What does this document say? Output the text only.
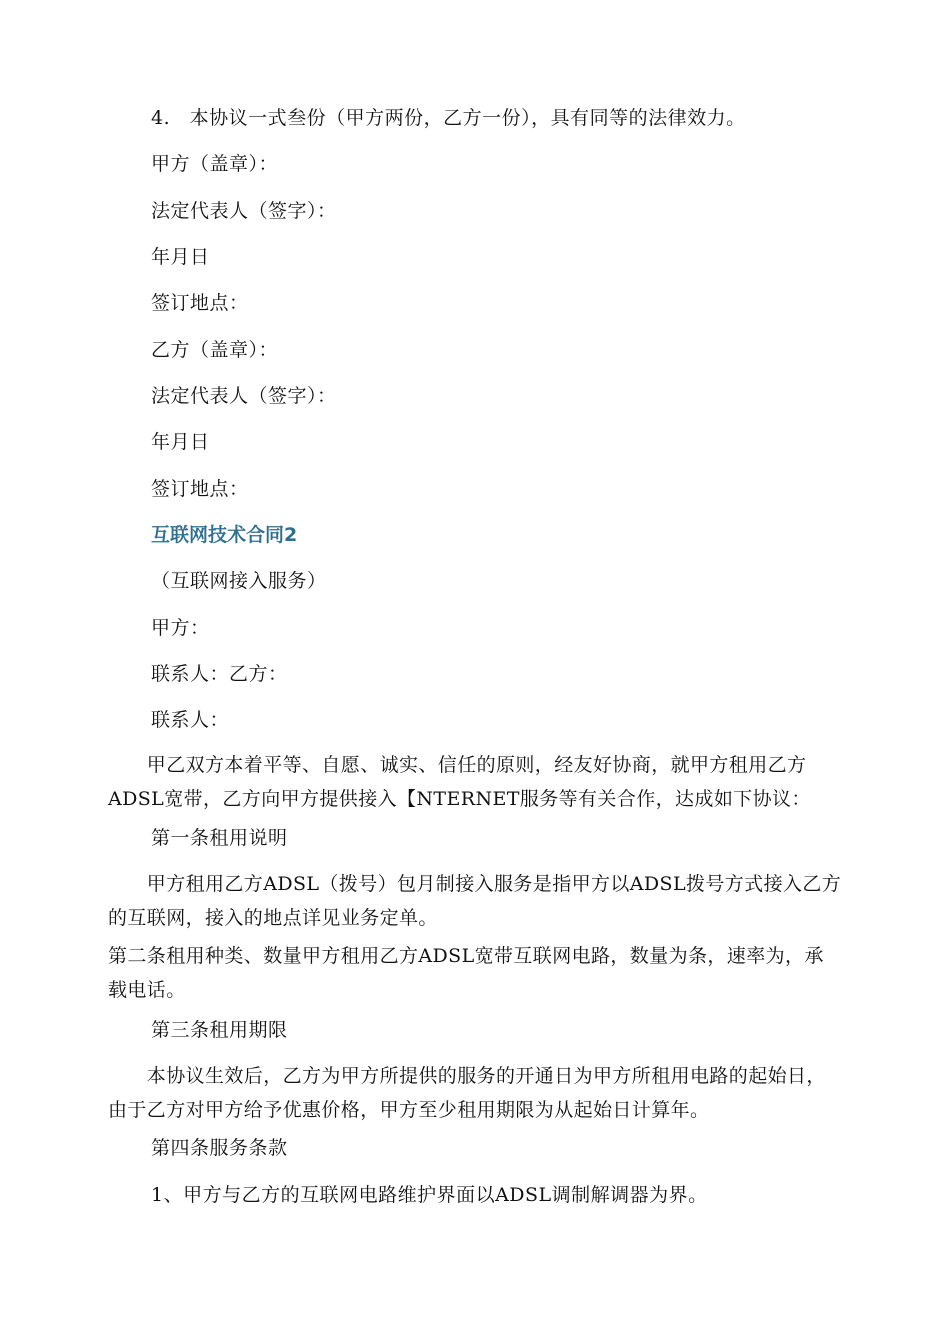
4.　本协议一式叁份（甲方两份，乙方一份），具有同等的法律效力。
甲方（盖章）：
法定代表人（签字）：
年月日
签订地点：
乙方（盖章）：
法定代表人（签字）：
年月日
签订地点：
互联网技术合同2
（互联网接入服务）
甲方：
联系人：乙方：
联系人：
　　甲乙双方本着平等、自愿、诚实、信任的原则，经友好协商，就甲方租用乙方ADSL宽带，乙方向甲方提供接入【NTERNET服务等有关合作，达成如下协议：
第一条租用说明
　　甲方租用乙方ADSL（拨号）包月制接入服务是指甲方以ADSL拨号方式接入乙方的互联网，接入的地点详见业务定单。
第二条租用种类、数量甲方租用乙方ADSL宽带互联网电路，数量为条，速率为，承载电话。
第三条租用期限
　　本协议生效后，乙方为甲方所提供的服务的开通日为甲方所租用电路的起始日，由于乙方对甲方给予优惠价格，甲方至少租用期限为从起始日计算年。
第四条服务条款
1、甲方与乙方的互联网电路维护界面以ADSL调制解调器为界。
